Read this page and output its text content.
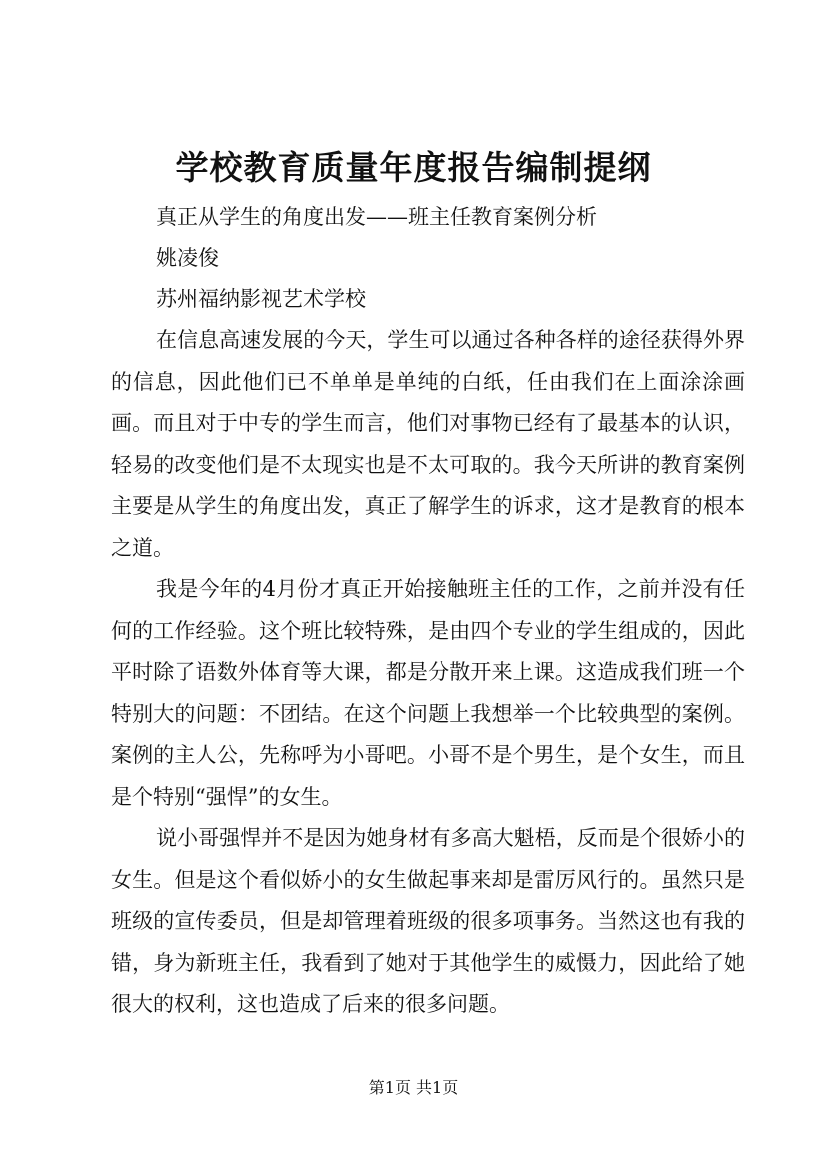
学校教育质量年度报告编制提纲

真正从学生的角度出发——班主任教育案例分析

姚凌俊

苏州福纳影视艺术学校

在信息高速发展的今天，学生可以通过各种各样的途径获得外界的信息，因此他们已不单单是单纯的白纸，任由我们在上面涂涂画画。而且对于中专的学生而言，他们对事物已经有了最基本的认识，轻易的改变他们是不太现实也是不太可取的。我今天所讲的教育案例主要是从学生的角度出发，真正了解学生的诉求，这才是教育的根本之道。

我是今年的4月份才真正开始接触班主任的工作，之前并没有任何的工作经验。这个班比较特殊，是由四个专业的学生组成的，因此平时除了语数外体育等大课，都是分散开来上课。这造成我们班一个特别大的问题：不团结。在这个问题上我想举一个比较典型的案例。案例的主人公，先称呼为小哥吧。小哥不是个男生，是个女生，而且是个特别“强悍”的女生。

说小哥强悍并不是因为她身材有多高大魁梧，反而是个很娇小的女生。但是这个看似娇小的女生做起事来却是雷厉风行的。虽然只是班级的宣传委员，但是却管理着班级的很多项事务。当然这也有我的错，身为新班主任，我看到了她对于其他学生的威慑力，因此给了她很大的权利，这也造成了后来的很多问题。

第1页 共1页
